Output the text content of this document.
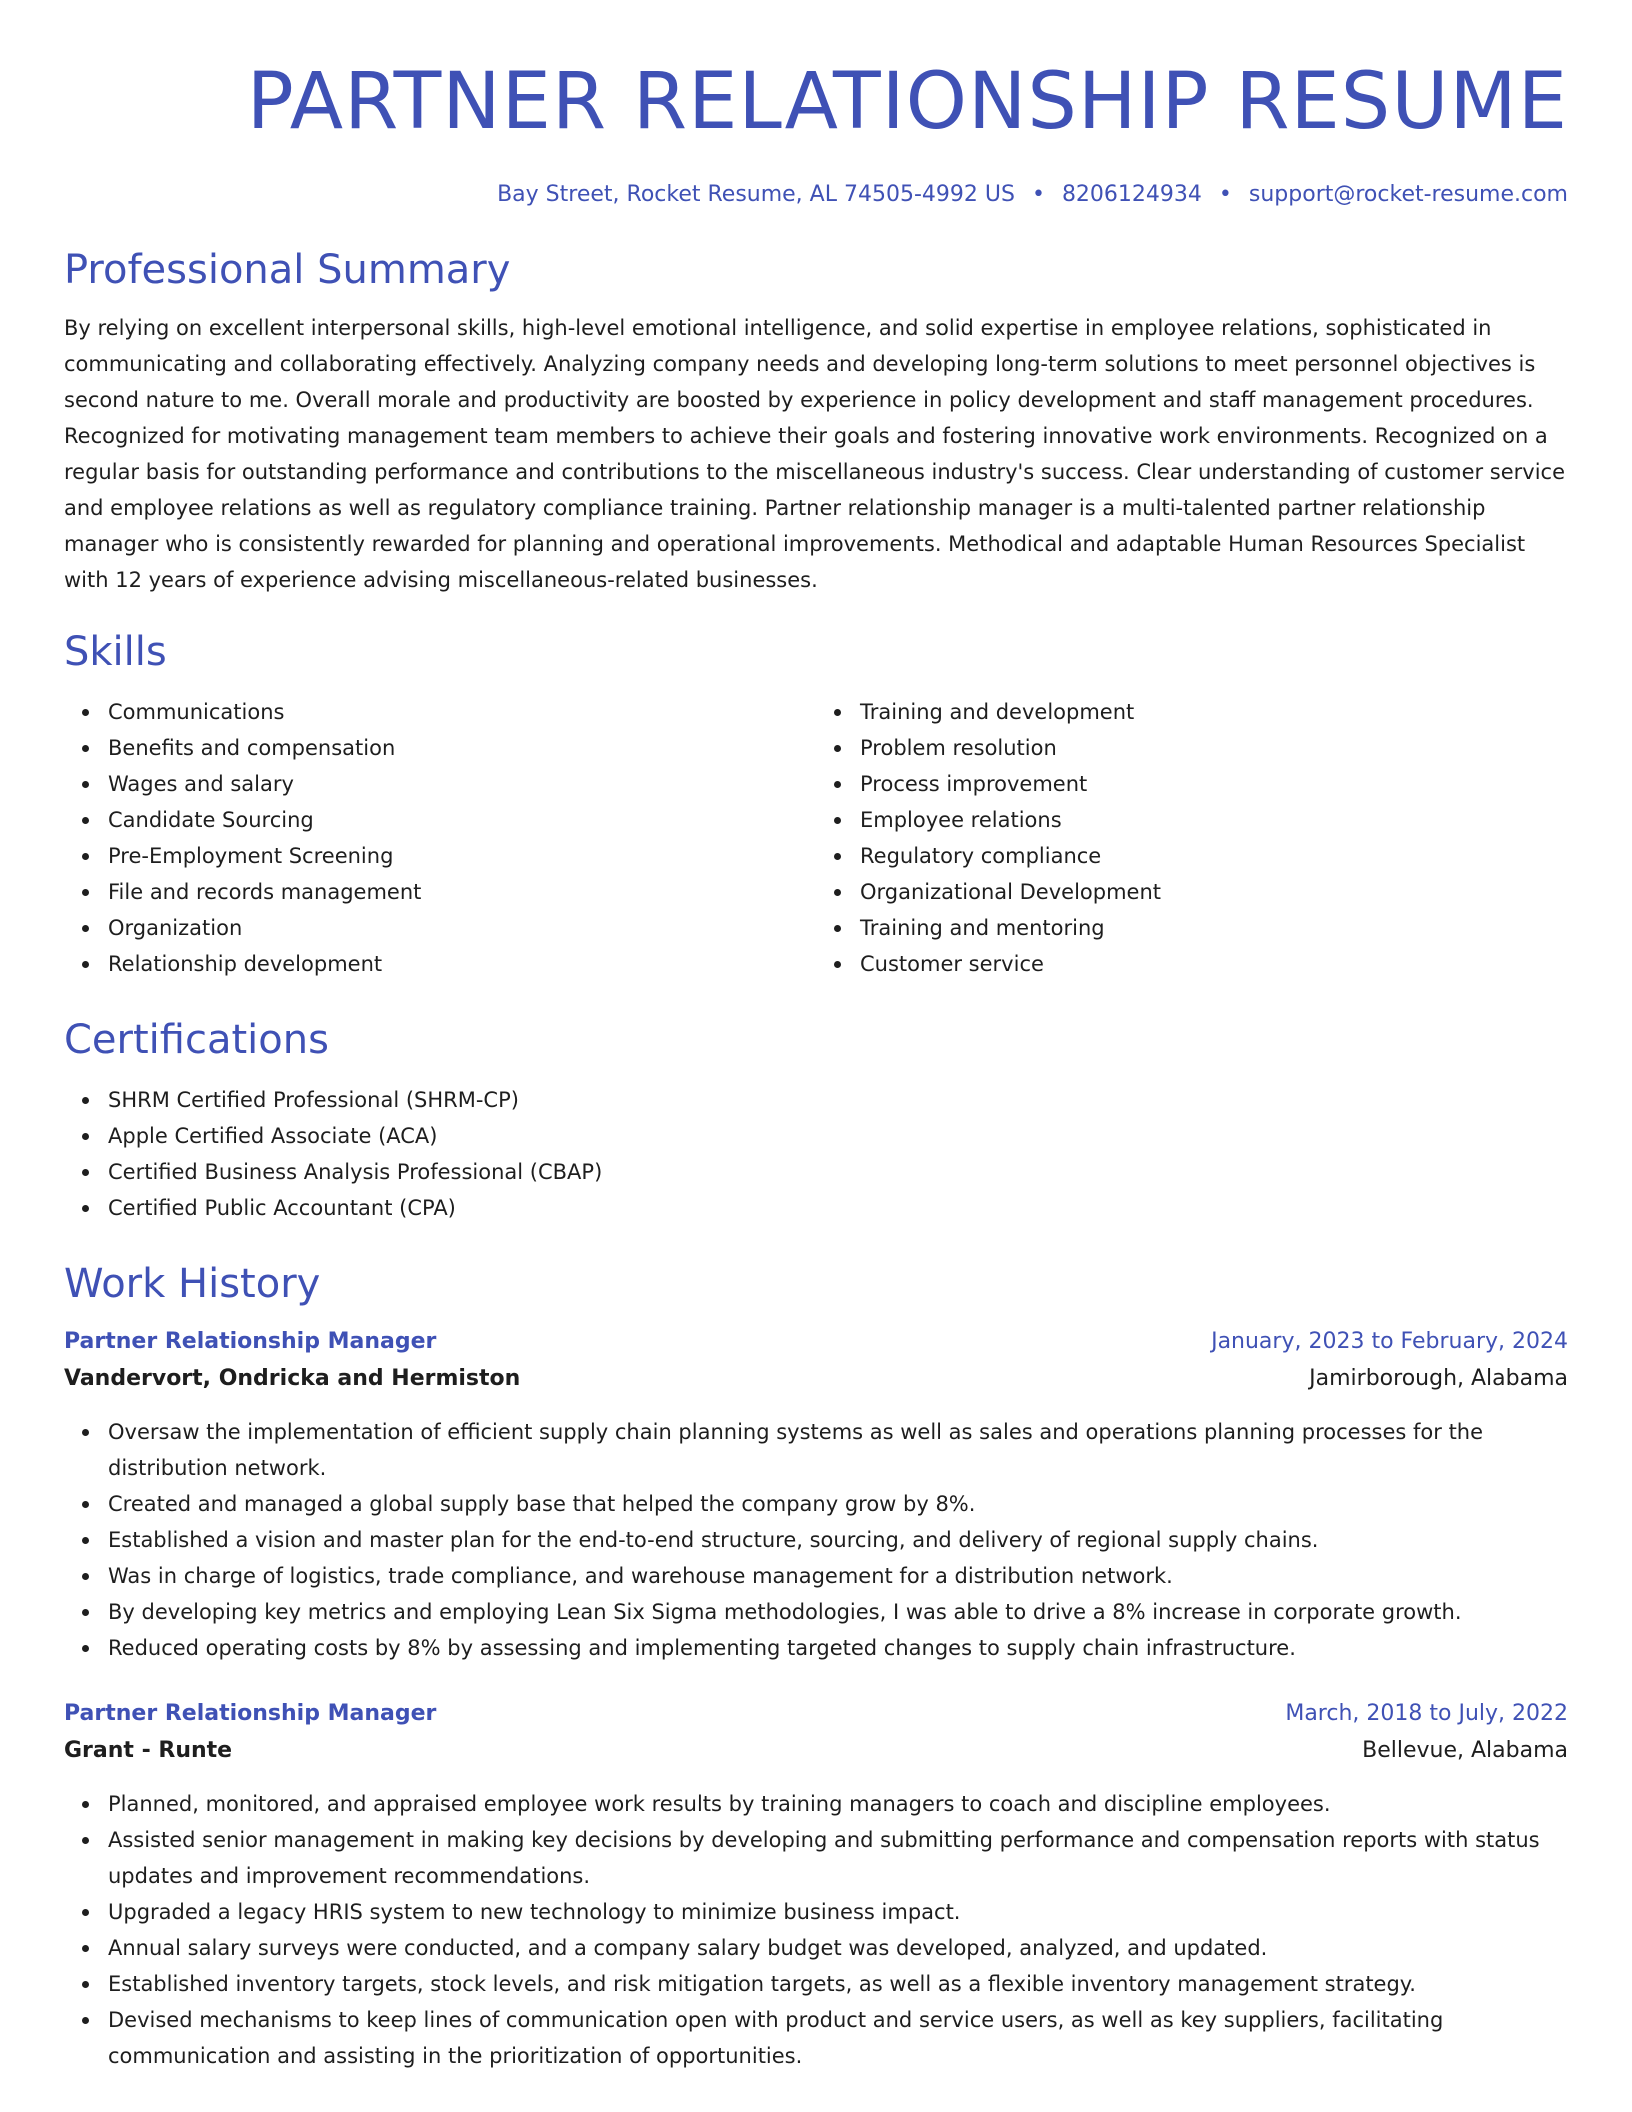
PARTNER RELATIONSHIP RESUME
Bay Street, Rocket Resume, AL 74505-4992 US • 8206124934 • support@rocket-resume.com
Professional Summary

By relying on excellent interpersonal skills, high-level emotional intelligence, and solid expertise in employee relations, sophisticated in communicating and collaborating effectively. Analyzing company needs and developing long-term solutions to meet personnel objectives is second nature to me. Overall morale and productivity are boosted by experience in policy development and staff management procedures. Recognized for motivating management team members to achieve their goals and fostering innovative work environments. Recognized on a regular basis for outstanding performance and contributions to the miscellaneous industry's success. Clear understanding of customer service and employee relations as well as regulatory compliance training. Partner relationship manager is a multi-talented partner relationship manager who is consistently rewarded for planning and operational improvements. Methodical and adaptable Human Resources Specialist with 12 years of experience advising miscellaneous-related businesses.

Skills
Communications
Benefits and compensation
Wages and salary
Candidate Sourcing
Pre-Employment Screening
File and records management
Organization
Relationship development
Training and development
Problem resolution
Process improvement
Employee relations
Regulatory compliance
Organizational Development
Training and mentoring
Customer service
Certifications
SHRM Certified Professional (SHRM-CP)
Apple Certified Associate (ACA)
Certified Business Analysis Professional (CBAP)
Certified Public Accountant (CPA)
Work History
Partner Relationship Manager	January, 2023 to February, 2024
Vandervort, Ondricka and Hermiston	Jamirborough, Alabama
Oversaw the implementation of efficient supply chain planning systems as well as sales and operations planning processes for the distribution network.
Created and managed a global supply base that helped the company grow by 8%.
Established a vision and master plan for the end-to-end structure, sourcing, and delivery of regional supply chains.
Was in charge of logistics, trade compliance, and warehouse management for a distribution network.
By developing key metrics and employing Lean Six Sigma methodologies, I was able to drive a 8% increase in corporate growth.
Reduced operating costs by 8% by assessing and implementing targeted changes to supply chain infrastructure.
Partner Relationship Manager	March, 2018 to July, 2022
Grant - Runte	Bellevue, Alabama
Planned, monitored, and appraised employee work results by training managers to coach and discipline employees.
Assisted senior management in making key decisions by developing and submitting performance and compensation reports with status updates and improvement recommendations.
Upgraded a legacy HRIS system to new technology to minimize business impact.
Annual salary surveys were conducted, and a company salary budget was developed, analyzed, and updated.
Established inventory targets, stock levels, and risk mitigation targets, as well as a flexible inventory management strategy.
Devised mechanisms to keep lines of communication open with product and service users, as well as key suppliers, facilitating communication and assisting in the prioritization of opportunities.
